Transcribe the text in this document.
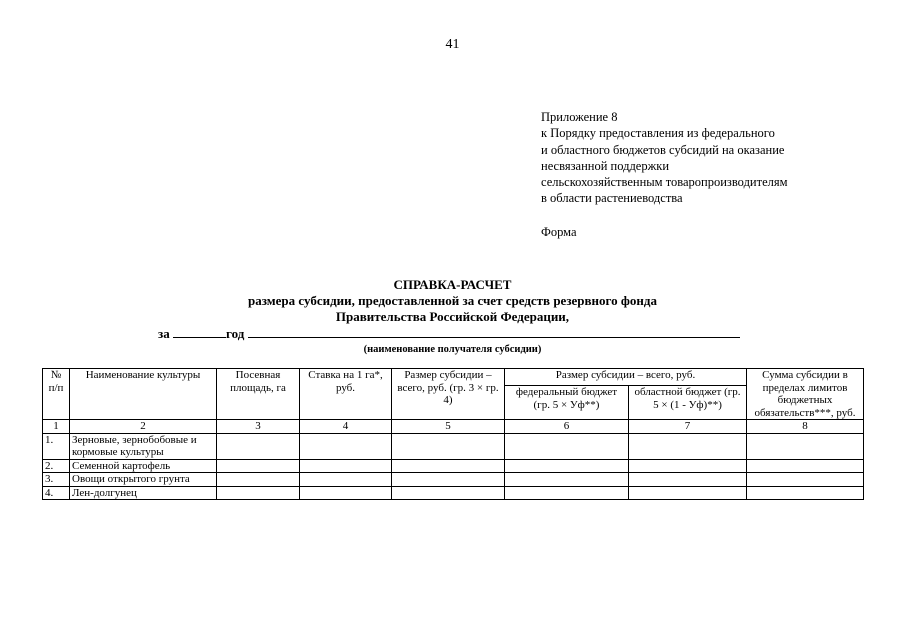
41
Приложение 8
к Порядку предоставления из федерального
и областного бюджетов субсидий на оказание
несвязанной поддержки
сельскохозяйственным товаропроизводителям
в области растениеводства
Форма
СПРАВКА-РАСЧЕТ
размера субсидии, предоставленной за счет средств резервного фонда
Правительства Российской Федерации,
за	год
(наименование получателя субсидии)
№ п/п	Наименование культуры	Посевная площадь, га	Ставка на 1 га*, руб.	Размер субсидии – всего, руб. (гр. 3 × гр. 4)	Размер субсидии – всего, руб.		Сумма субсидии в пределах лимитов бюджетных обязательств***, руб.
					федеральный бюджет (гр. 5 × Уф**)	областной бюджет (гр. 5 × (1 - Уф)**)	
1	2	3	4	5	6	7	8
1.	Зерновые, зернобобовые и кормовые культуры						
2.	Семенной картофель						
3.	Овощи открытого грунта						
4.	Лен-долгунец						
